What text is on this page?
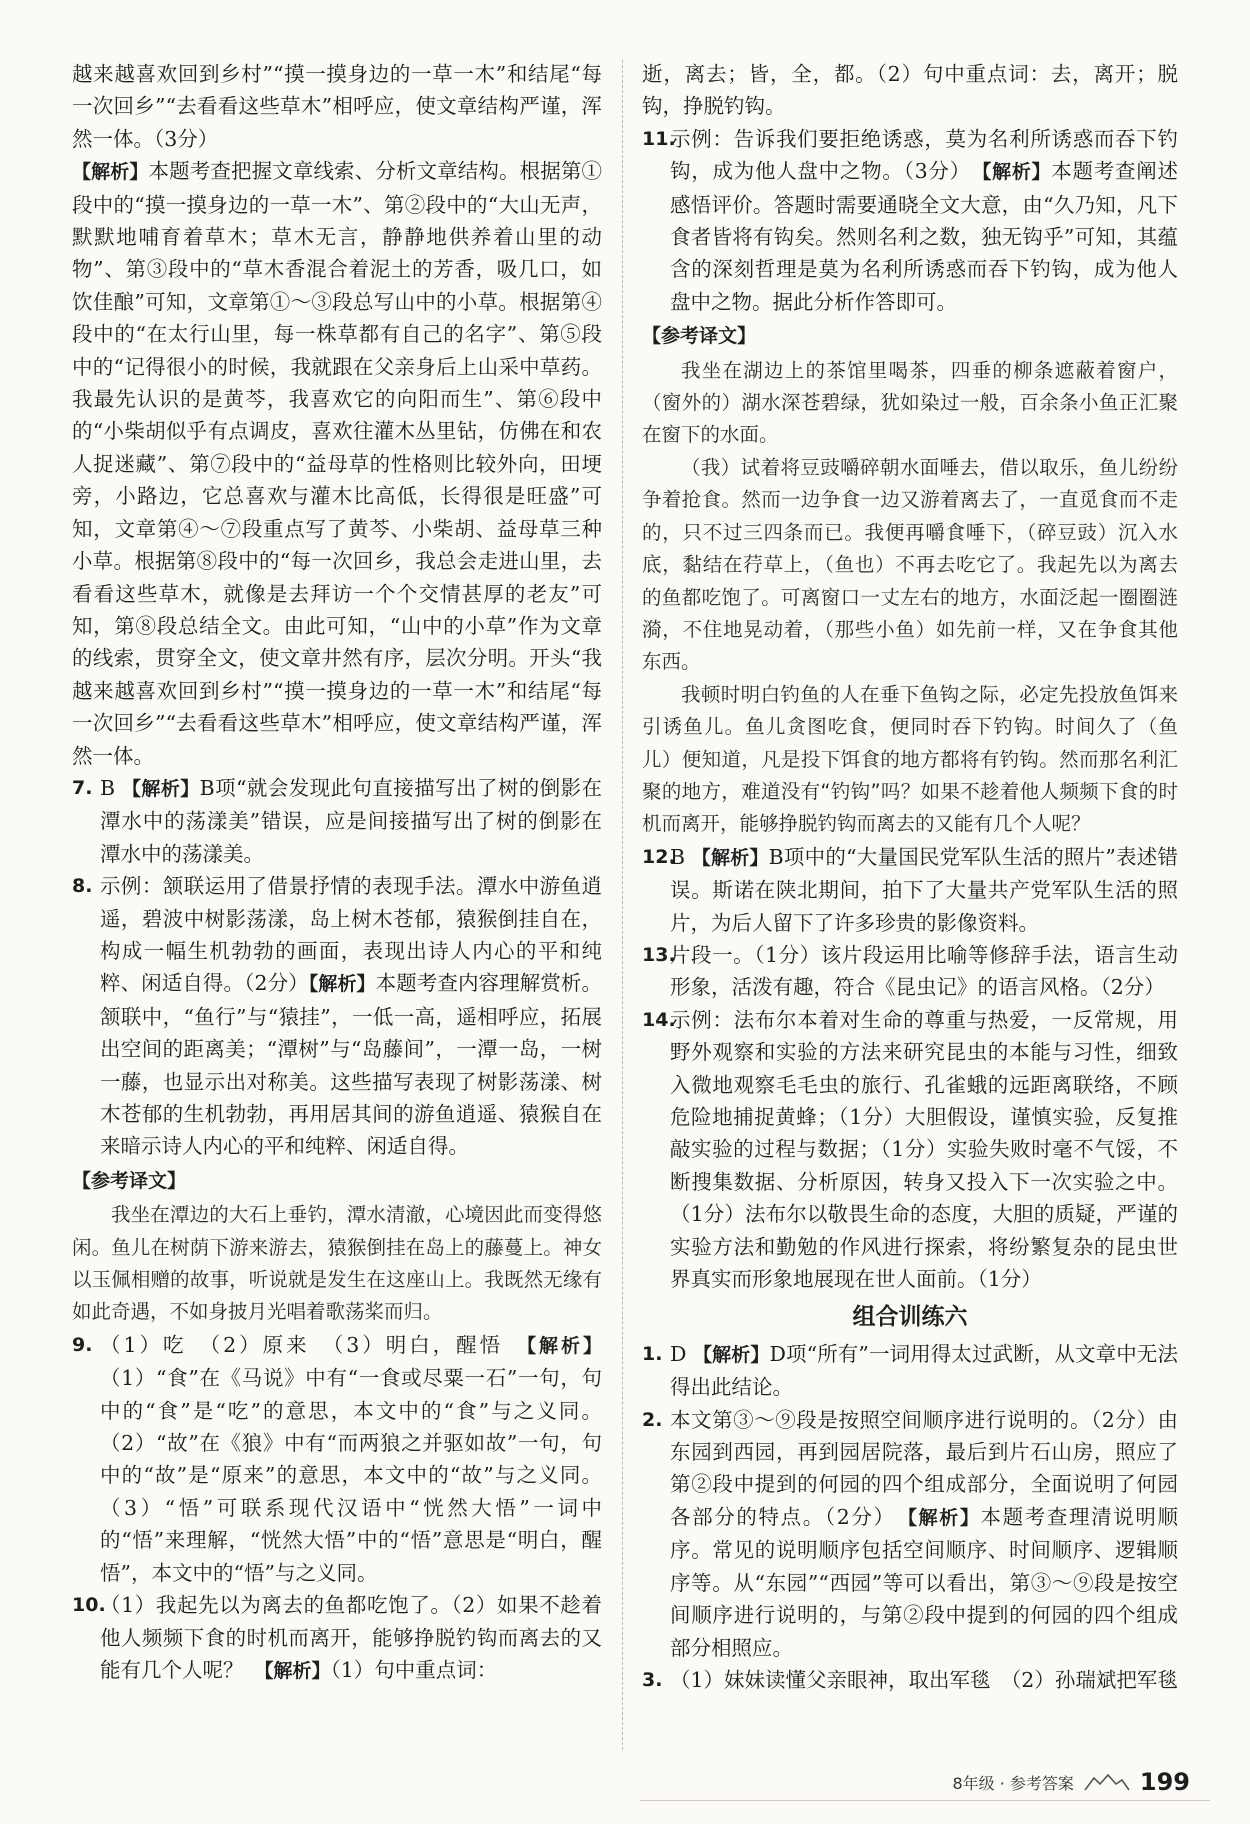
越来越喜欢回到乡村”“摸一摸身边的一草一木”和结尾“每一次回乡”“去看看这些草木”相呼应，使文章结构严谨，浑然一体。（3分）

【解析】本题考查把握文章线索、分析文章结构。根据第①段中的“摸一摸身边的一草一木”、第②段中的“大山无声，默默地哺育着草木；草木无言，静静地供养着山里的动物”、第③段中的“草木香混合着泥土的芳香，吸几口，如饮佳酿”可知，文章第①～③段总写山中的小草。根据第④段中的“在太行山里，每一株草都有自己的名字”、第⑤段中的“记得很小的时候，我就跟在父亲身后上山采中草药。我最先认识的是黄芩，我喜欢它的向阳而生”、第⑥段中的“小柴胡似乎有点调皮，喜欢往灌木丛里钻，仿佛在和农人捉迷藏”、第⑦段中的“益母草的性格则比较外向，田埂旁，小路边，它总喜欢与灌木比高低，长得很是旺盛”可知，文章第④～⑦段重点写了黄芩、小柴胡、益母草三种小草。根据第⑧段中的“每一次回乡，我总会走进山里，去看看这些草木，就像是去拜访一个个交情甚厚的老友”可知，第⑧段总结全文。由此可知，“山中的小草”作为文章的线索，贯穿全文，使文章井然有序，层次分明。开头“我越来越喜欢回到乡村”“摸一摸身边的一草一木”和结尾“每一次回乡”“去看看这些草木”相呼应，使文章结构严谨，浑然一体。

7. B 【解析】B项“就会发现此句直接描写出了树的倒影在潭水中的荡漾美”错误，应是间接描写出了树的倒影在潭水中的荡漾美。

8. 示例：颔联运用了借景抒情的表现手法。潭水中游鱼逍遥，碧波中树影荡漾，岛上树木苍郁，猿猴倒挂自在，构成一幅生机勃勃的画面，表现出诗人内心的平和纯粹、闲适自得。（2分）【解析】本题考查内容理解赏析。颔联中，“鱼行”与“猿挂”，一低一高，遥相呼应，拓展出空间的距离美；“潭树”与“岛藤间”，一潭一岛，一树一藤，也显示出对称美。这些描写表现了树影荡漾、树木苍郁的生机勃勃，再用居其间的游鱼逍遥、猿猴自在来暗示诗人内心的平和纯粹、闲适自得。

【参考译文】

我坐在潭边的大石上垂钓，潭水清澈，心境因此而变得悠闲。鱼儿在树荫下游来游去，猿猴倒挂在岛上的藤蔓上。神女以玉佩相赠的故事，听说就是发生在这座山上。我既然无缘有如此奇遇，不如身披月光唱着歌荡桨而归。

9. （1）吃　（2）原来　（3）明白，醒悟　【解析】（1）“食”在《马说》中有“一食或尽粟一石”一句，句中的“食”是“吃”的意思，本文中的“食”与之义同。（2）“故”在《狼》中有“而两狼之并驱如故”一句，句中的“故”是“原来”的意思，本文中的“故”与之义同。（3）“悟”可联系现代汉语中“恍然大悟”一词中的“悟”来理解，“恍然大悟”中的“悟”意思是“明白，醒悟”，本文中的“悟”与之义同。

10.
（1）我起先以为离去的鱼都吃饱了。（2）如果不趁着他人频频下食的时机而离开，能够挣脱钓钩而离去的又能有几个人呢？　【解析】（1）句中重点词：

逝，离去；皆，全，都。（2）句中重点词：去，离开；脱钩，挣脱钓钩。

11.
示例：告诉我们要拒绝诱惑，莫为名利所诱惑而吞下钓钩，成为他人盘中之物。（3分）　【解析】本题考查阐述感悟评价。答题时需要通晓全文大意，由“久乃知，凡下食者皆将有钩矣。然则名利之数，独无钩乎”可知，其蕴含的深刻哲理是莫为名利所诱惑而吞下钓钩，成为他人盘中之物。据此分析作答即可。

【参考译文】

我坐在湖边上的茶馆里喝茶，四垂的柳条遮蔽着窗户，（窗外的）湖水深苍碧绿，犹如染过一般，百余条小鱼正汇聚在窗下的水面。

（我）试着将豆豉嚼碎朝水面唾去，借以取乐，鱼儿纷纷争着抢食。然而一边争食一边又游着离去了，一直觅食而不走的，只不过三四条而已。我便再嚼食唾下，（碎豆豉）沉入水底，黏结在荇草上，（鱼也）不再去吃它了。我起先以为离去的鱼都吃饱了。可离窗口一丈左右的地方，水面泛起一圈圈涟漪，不住地晃动着，（那些小鱼）如先前一样，又在争食其他东西。

我顿时明白钓鱼的人在垂下鱼钩之际，必定先投放鱼饵来引诱鱼儿。鱼儿贪图吃食，便同时吞下钓钩。时间久了（鱼儿）便知道，凡是投下饵食的地方都将有钓钩。然而那名利汇聚的地方，难道没有“钓钩”吗？如果不趁着他人频频下食的时机而离开，能够挣脱钓钩而离去的又能有几个人呢？

12.
B 【解析】B项中的“大量国民党军队生活的照片”表述错误。斯诺在陕北期间，拍下了大量共产党军队生活的照片，为后人留下了许多珍贵的影像资料。

13.
片段一。（1分）该片段运用比喻等修辞手法，语言生动形象，活泼有趣，符合《昆虫记》的语言风格。（2分）

14.
示例：法布尔本着对生命的尊重与热爱，一反常规，用野外观察和实验的方法来研究昆虫的本能与习性，细致入微地观察毛毛虫的旅行、孔雀蛾的远距离联络，不顾危险地捕捉黄蜂；（1分）大胆假设，谨慎实验，反复推敲实验的过程与数据；（1分）实验失败时毫不气馁，不断搜集数据、分析原因，转身又投入下一次实验之中。（1分）法布尔以敬畏生命的态度，大胆的质疑，严谨的实验方法和勤勉的作风进行探索，将纷繁复杂的昆虫世界真实而形象地展现在世人面前。（1分）

组合训练六

1. D 【解析】D项“所有”一词用得太过武断，从文章中无法得出此结论。

2. 本文第③～⑨段是按照空间顺序进行说明的。（2分）由东园到西园，再到园居院落，最后到片石山房，照应了第②段中提到的何园的四个组成部分，全面说明了何园各部分的特点。（2分）　【解析】本题考查理清说明顺序。常见的说明顺序包括空间顺序、时间顺序、逻辑顺序等。从“东园”“西园”等可以看出，第③～⑨段是按空间顺序进行说明的，与第②段中提到的何园的四个组成部分相照应。

3. （1）妹妹读懂父亲眼神，取出军毯　（2）孙瑞斌把军毯

8年级 · 参考答案	199
